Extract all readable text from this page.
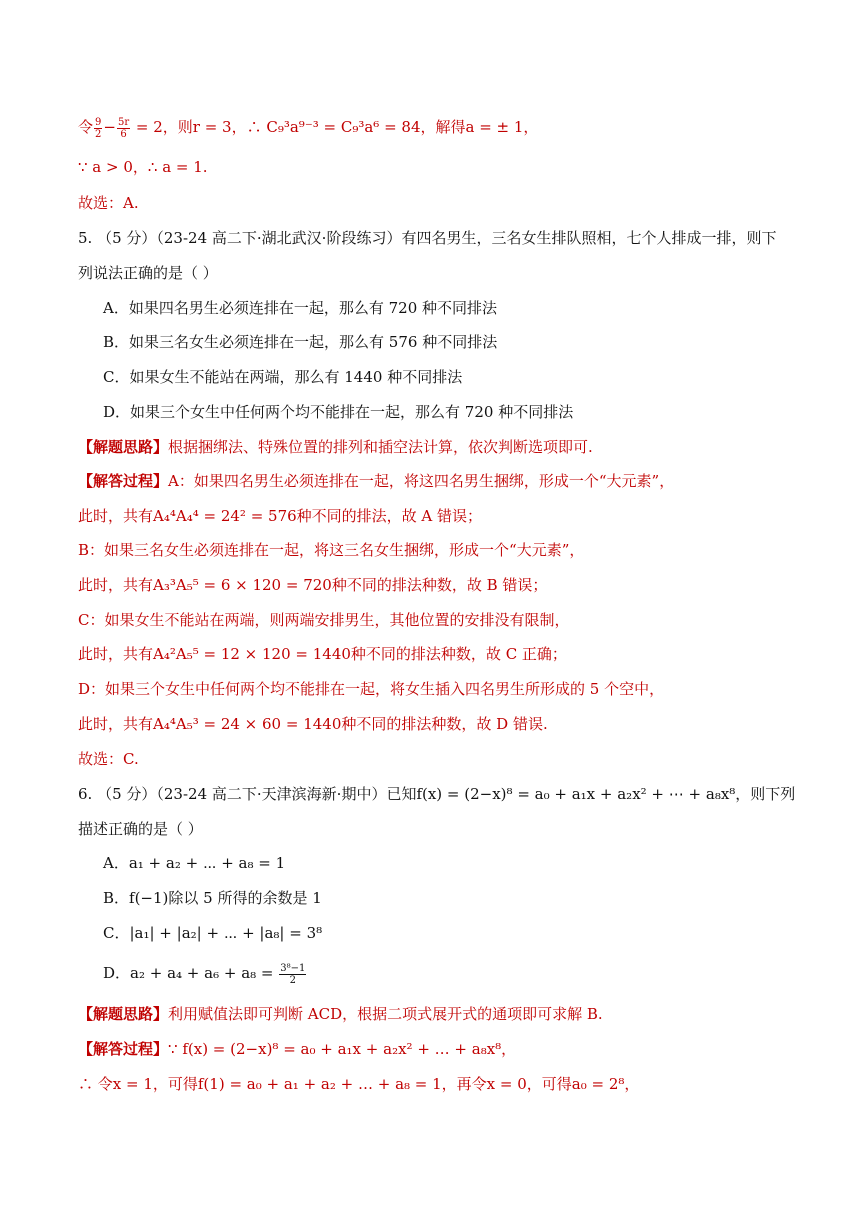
令 $\frac{9}{2} - \frac{5r}{6} = 2$，则r = 3，∴ C₉³a⁹⁻³ = C₉³a⁶ = 84，解得a = ± 1，
∵ a > 0，∴ a = 1.
故选：A.
5. （5 分）（23-24 高二下·湖北武汉·阶段练习）有四名男生，三名女生排队照相，七个人排成一排，则下
列说法正确的是（ ）
A．如果四名男生必须连排在一起，那么有 720 种不同排法
B．如果三名女生必须连排在一起，那么有 576 种不同排法
C．如果女生不能站在两端，那么有 1440 种不同排法
D．如果三个女生中任何两个均不能排在一起，那么有 720 种不同排法
【解题思路】根据捆绑法、特殊位置的排列和插空法计算，依次判断选项即可.
【解答过程】A：如果四名男生必须连排在一起，将这四名男生捆绑，形成一个“大元素”，
此时，共有A₄⁴A₄⁴ = 24² = 576种不同的排法，故 A 错误；
B：如果三名女生必须连排在一起，将这三名女生捆绑，形成一个“大元素”，
此时，共有A₃³A₅⁵ = 6 × 120 = 720种不同的排法种数，故 B 错误；
C：如果女生不能站在两端，则两端安排男生，其他位置的安排没有限制，
此时，共有A₄²A₅⁵ = 12 × 120 = 1440种不同的排法种数，故 C 正确；
D：如果三个女生中任何两个均不能排在一起，将女生插入四名男生所形成的 5 个空中，
此时，共有A₄⁴A₅³ = 24 × 60 = 1440种不同的排法种数，故 D 错误.
故选：C.
6. （5 分）（23-24 高二下·天津滨海新·期中）已知f(x) = (2−x)⁸ = a₀ + a₁x + a₂x² + ⋯ + a₈x⁸，则下列
描述正确的是（ ）
A．a₁ + a₂ + ⋯ + a₈ = 1
B．f(−1)除以 5 所得的余数是 1
C．|a₁| + |a₂| + ⋯ + |a₈| = 3⁸
D．$a_2 + a_4 + a_6 + a_8 = \frac{\text{3⁸−1}}{2}$
【解题思路】利用赋值法即可判断 ACD，根据二项式展开式的通项即可求解 B.
【解答过程】∵ f(x) = (2−x)⁸ = a₀ + a₁x + a₂x² + … + a₈x⁸，
∴ 令x = 1，可得f(1) = a₀ + a₁ + a₂ + … + a₈ = 1，再令x = 0，可得a₀ = 2⁸，
